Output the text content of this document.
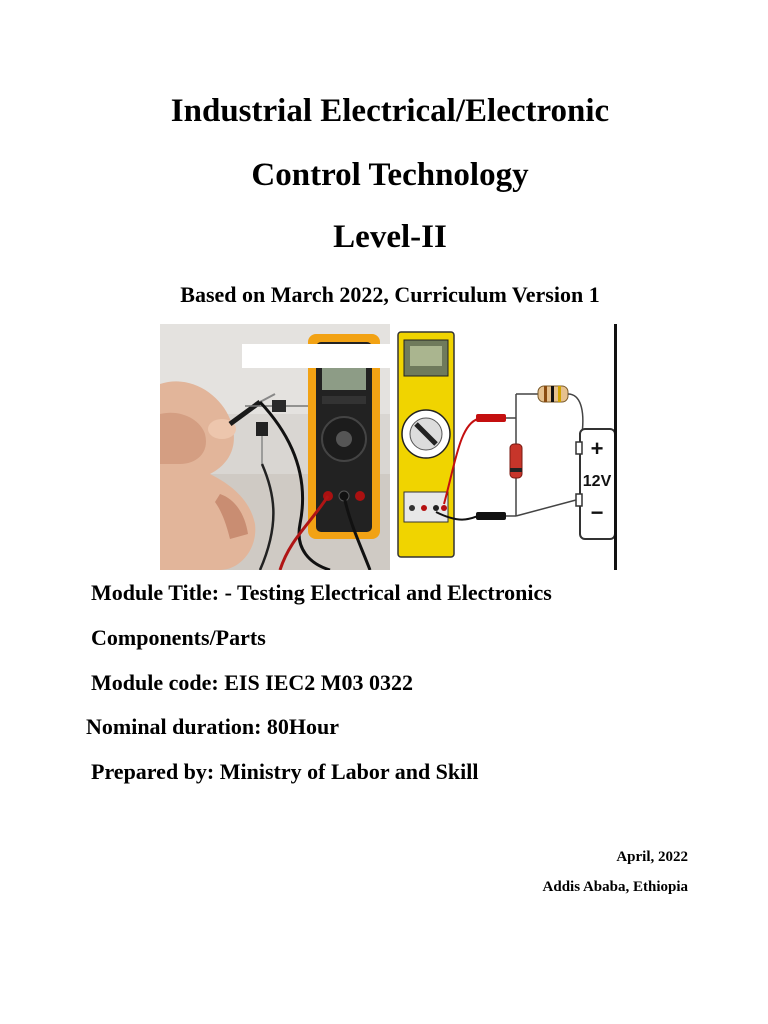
Industrial Electrical/Electronic
Control Technology
Level-II
Based on March 2022, Curriculum Version 1
+
12V
−
Module Title: - Testing Electrical and Electronics
Components/Parts
Module code: EIS IEC2 M03 0322
Nominal duration: 80Hour
Prepared by: Ministry of Labor and Skill
April, 2022
Addis Ababa, Ethiopia
